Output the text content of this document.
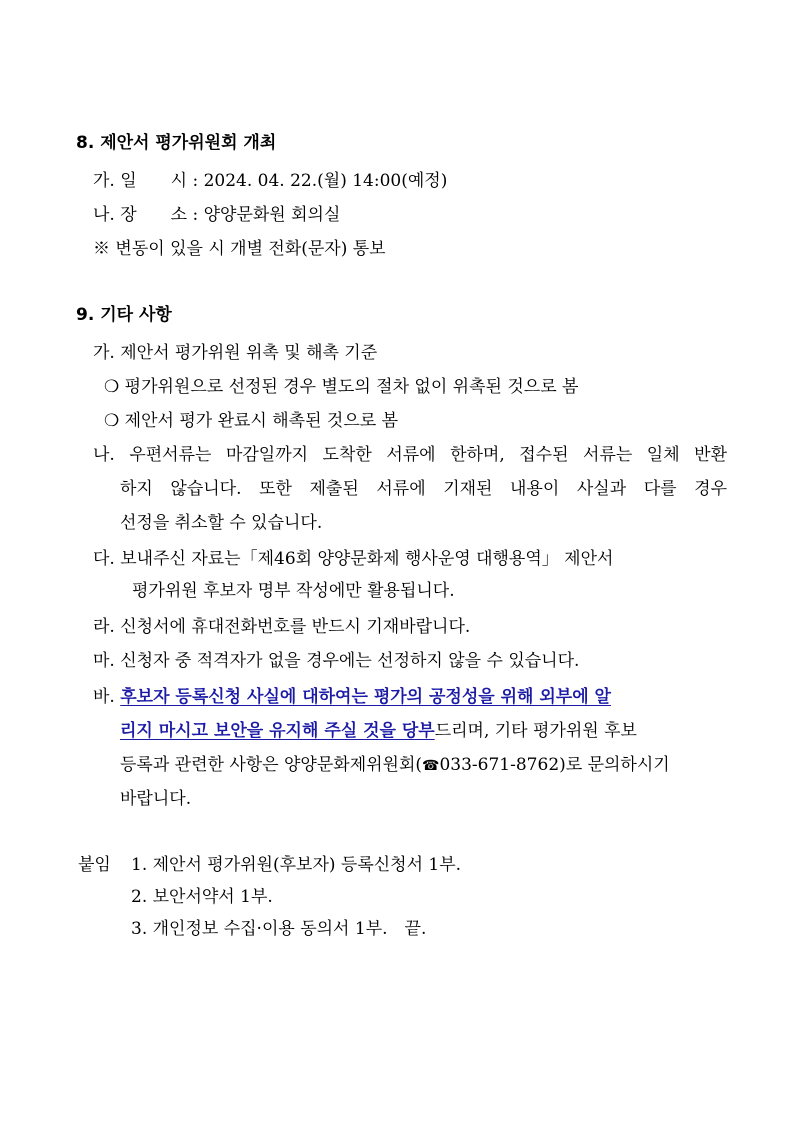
8. 제안서 평가위원회 개최
가. 일　　시 : 2024. 04. 22.(월) 14:00(예정)
나. 장　　소 : 양양문화원 회의실
※ 변동이 있을 시 개별 전화(문자) 통보
9. 기타 사항
가. 제안서 평가위원 위촉 및 해촉 기준
❍ 평가위원으로 선정된 경우 별도의 절차 없이 위촉된 것으로 봄
❍ 제안서 평가 완료시 해촉된 것으로 봄
나. 우편서류는 마감일까지 도착한 서류에 한하며, 접수된 서류는 일체 반환
하지 않습니다. 또한 제출된 서류에 기재된 내용이 사실과 다를 경우
선정을 취소할 수 있습니다.
다. 보내주신 자료는「제46회 양양문화제 행사운영 대행용역」 제안서
평가위원 후보자 명부 작성에만 활용됩니다.
라. 신청서에 휴대전화번호를 반드시 기재바랍니다.
마. 신청자 중 적격자가 없을 경우에는 선정하지 않을 수 있습니다.
바. 후보자 등록신청 사실에 대하여는 평가의 공정성을 위해 외부에 알
리지 마시고 보안을 유지해 주실 것을 당부드리며, 기타 평가위원 후보
등록과 관련한 사항은 양양문화제위원회(☎033-671-8762)로 문의하시기
바랍니다.
붙임 1. 제안서 평가위원(후보자) 등록신청서 1부.
2. 보안서약서 1부.
3. 개인정보 수집·이용 동의서 1부.　끝.
